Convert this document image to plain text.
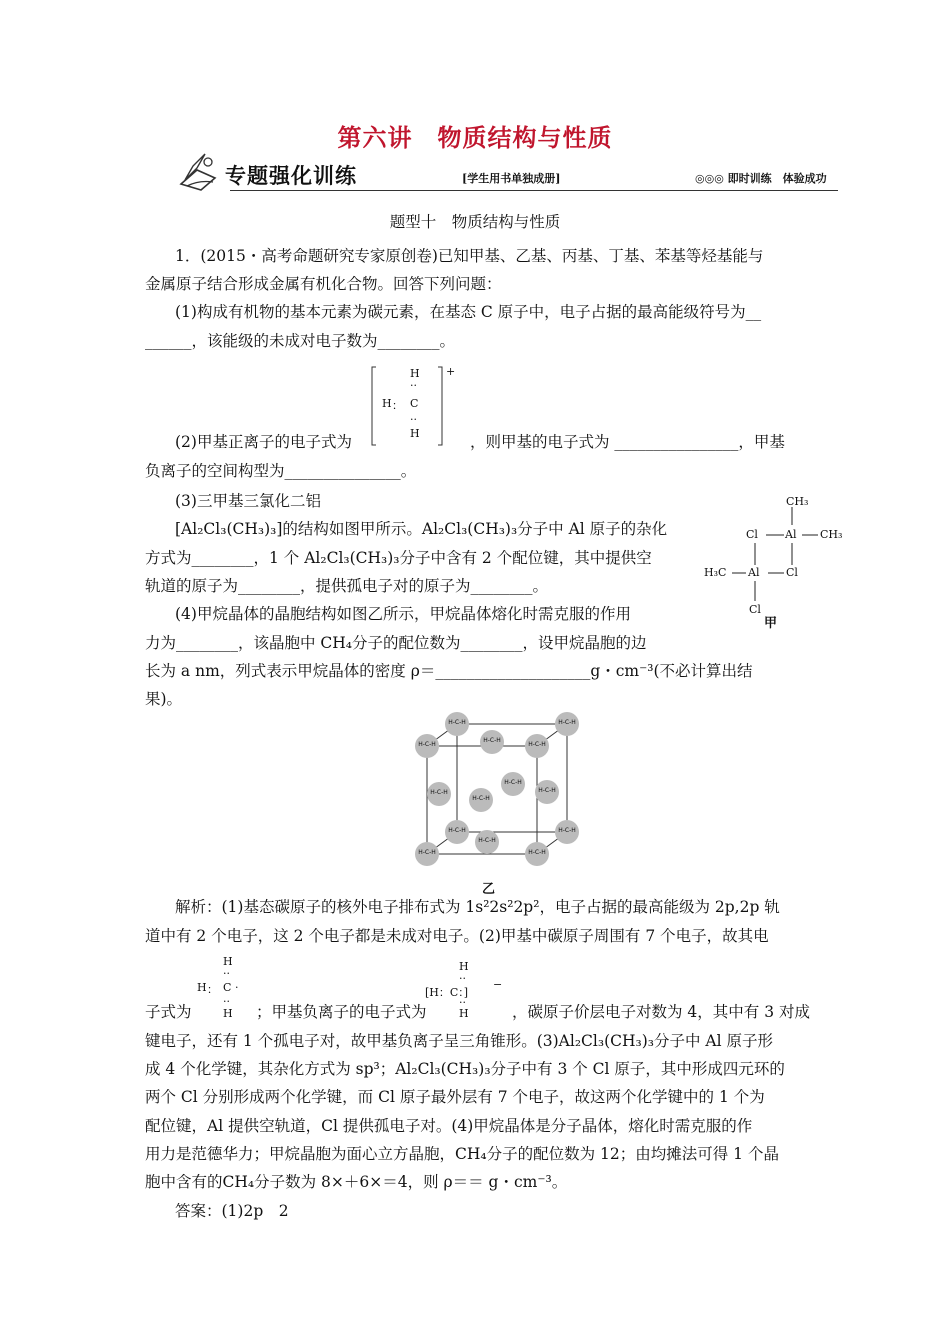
第六讲　物质结构与性质
专题强化训练	[学生用书单独成册]	◎◎◎ 即时训练　体验成功
题型十　物质结构与性质
1．(2015・高考命题研究专家原创卷)已知甲基、乙基、丙基、丁基、苯基等烃基能与
金属原子结合形成金属有机化合物。回答下列问题：
(1)构成有机物的基本元素为碳元素，在基态 C 原子中，电子占据的最高能级符号为__
______，该能级的未成对电子数为________。
H
··
H ： C
··
H
+
(2)甲基正离子的电子式为	，则甲基的电子式为 ________________，甲基
负离子的空间构型为_______________。
(3)三甲基三氯化二铝
[Al₂Cl₃(CH₃)₃]的结构如图甲所示。Al₂Cl₃(CH₃)₃分子中 Al 原子的杂化
方式为________，1 个 Al₂Cl₃(CH₃)₃分子中含有 2 个配位键，其中提供空
轨道的原子为________，提供孤电子对的原子为________。
CH₃
Cl Al CH₃
H₃C Al Cl
Cl
甲
(4)甲烷晶体的晶胞结构如图乙所示，甲烷晶体熔化时需克服的作用
力为________，该晶胞中 CH₄分子的配位数为________，设甲烷晶胞的边
长为 a nm，列式表示甲烷晶体的密度 ρ＝____________________g・cm⁻³(不必计算出结
果)。
H-C-H	H-C-H
H-C-H	H-C-H
H-C-H	H-C-H
H-C-H	H-C-H
H-C-H
H-C-H
H-C-H
H-C-H
H-C-H
H-C-H
乙
解析：(1)基态碳原子的核外电子排布式为 1s²2s²2p²，电子占据的最高能级为 2p,2p 轨
道中有 2 个电子，这 2 个电子都是未成对电子。(2)甲基中碳原子周围有 7 个电子，故其电
H
··
H ： C ·
··
H
H
··
[H：C：]
−
··
H
子式为	；甲基负离子的电子式为	，碳原子价层电子对数为 4，其中有 3 对成
键电子，还有 1 个孤电子对，故甲基负离子呈三角锥形。(3)Al₂Cl₃(CH₃)₃分子中 Al 原子形
成 4 个化学键，其杂化方式为 sp³；Al₂Cl₃(CH₃)₃分子中有 3 个 Cl 原子，其中形成四元环的
两个 Cl 分别形成两个化学键，而 Cl 原子最外层有 7 个电子，故这两个化学键中的 1 个为
配位键，Al 提供空轨道，Cl 提供孤电子对。(4)甲烷晶体是分子晶体，熔化时需克服的作
用力是范德华力；甲烷晶胞为面心立方晶胞，CH₄分子的配位数为 12；由均摊法可得 1 个晶
胞中含有的CH₄分子数为 8×＋6×＝4，则 ρ＝＝ g・cm⁻³。
答案：(1)2p　2
